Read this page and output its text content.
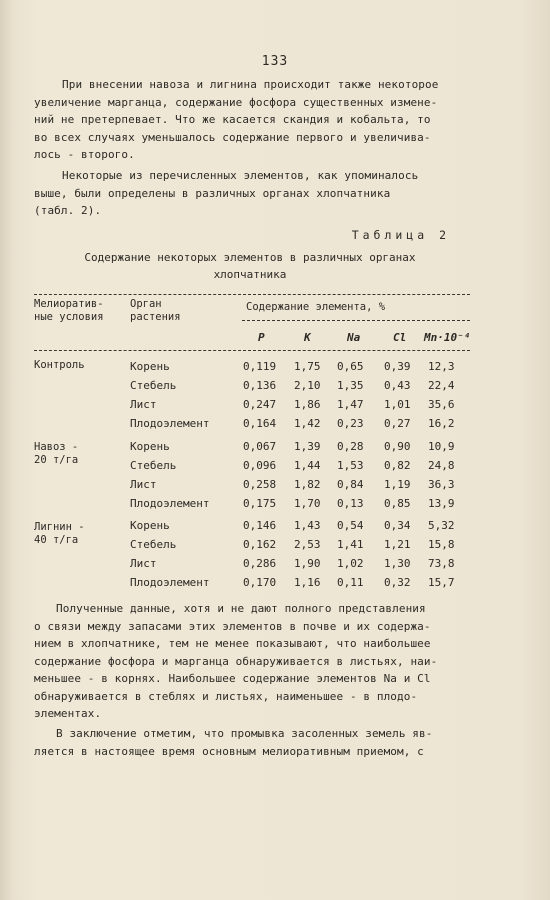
133

При внесении навоза и лигнина происходит также некоторое
увеличение марганца, содержание фосфора существенных измене-
ний не претерпевает. Что же касается скандия и кобальта, то
во всех случаях уменьшалось содержание первого и увеличива-
лось - второго.

Некоторые из перечисленных элементов, как упоминалось
выше, были определены в различных органах хлопчатника
(табл. 2).

Таблица 2

Содержание некоторых элементов в различных органах
хлопчатника

Мелиоратив-
ные условия

Орган
растения

Содержание элемента, %

P	K	Na	Cl Mn·10⁻⁴

Контроль	Корень	0,119 1,75 0,65 0,39 12,3
Стебель	0,136 2,10 1,35 0,43 22,4
Лист	0,247 1,86 1,47 1,01 35,6
Плодоэлемент	0,164 1,42 0,23 0,27 16,2

Навоз -
20 т/га

Корень	0,067 1,39 0,28 0,90 10,9
Стебель	0,096 1,44 1,53 0,82 24,8
Лист	0,258 1,82 0,84 1,19 36,3
Плодоэлемент	0,175 1,70 0,13 0,85 13,9

Лигнин -
40 т/га

Корень	0,146 1,43 0,54 0,34 5,32
Стебель	0,162 2,53 1,41 1,21 15,8
Лист	0,286 1,90 1,02 1,30 73,8
Плодоэлемент	0,170 1,16 0,11 0,32 15,7

Полученные данные, хотя и не дают полного представления
о связи между запасами этих элементов в почве и их содержа-
нием в хлопчатнике, тем не менее показывают, что наибольшее
содержание фосфора и марганца обнаруживается в листьях, наи-
меньшее - в корнях. Наибольшее содержание элементов Na и Cl
обнаруживается в стеблях и листьях, наименьшее - в плодо-
элементах.

В заключение отметим, что промывка засоленных земель яв-
ляется в настоящее время основным мелиоративным приемом, с
